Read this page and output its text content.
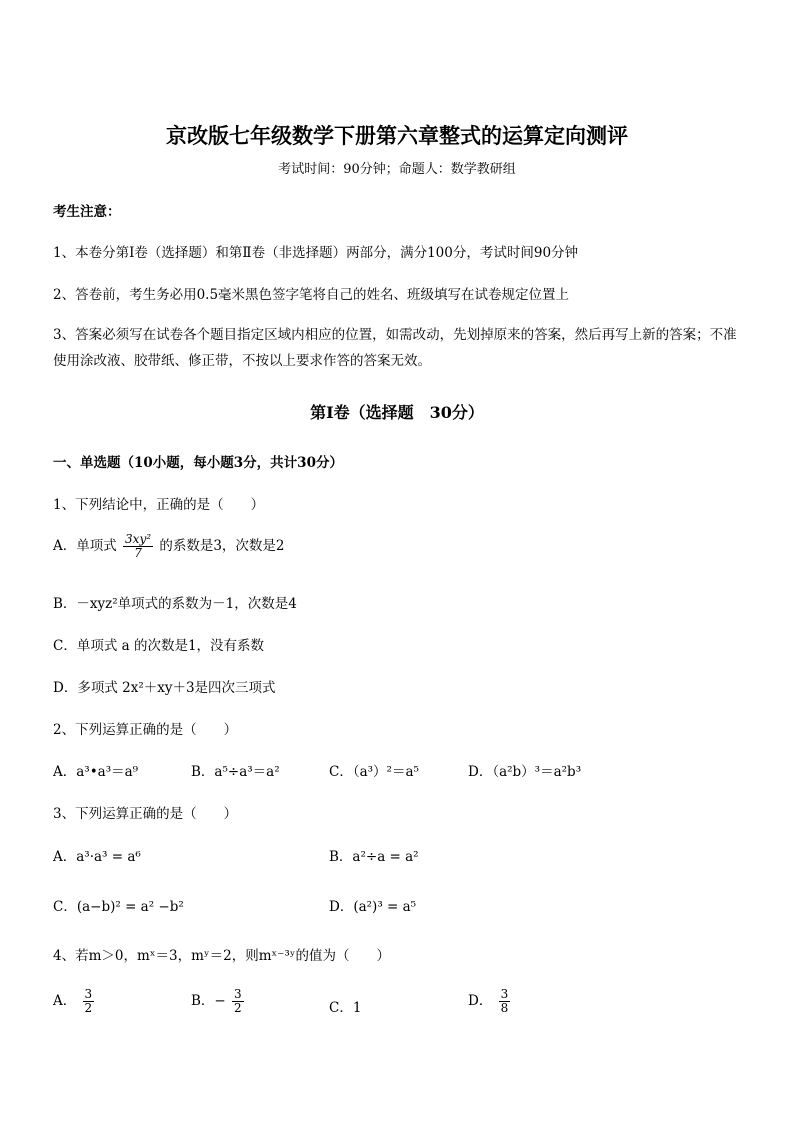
京改版七年级数学下册第六章整式的运算定向测评
考试时间：90分钟；命题人：数学教研组
考生注意：
1、本卷分第Ⅰ卷（选择题）和第Ⅱ卷（非选择题）两部分，满分100分，考试时间90分钟
2、答卷前，考生务必用0.5毫米黑色签字笔将自己的姓名、班级填写在试卷规定位置上
3、答案必须写在试卷各个题目指定区域内相应的位置，如需改动，先划掉原来的答案，然后再写上新的答案；不准使用涂改液、胶带纸、修正带，不按以上要求作答的答案无效。
第Ⅰ卷（选择题　30分）
一、单选题（10小题，每小题3分，共计30分）
1、下列结论中，正确的是（　　）
A．单项式 $\frac{\text{3xy²}}{7}$ 的系数是3，次数是2
B．－xyz²单项式的系数为－1，次数是4
C．单项式 a 的次数是1，没有系数
D．多项式 2x²＋xy＋3是四次三项式
2、下列运算正确的是（　　）
A．a³•a³＝a⁹	B．a⁵÷a³＝a²	C．（a³）²＝a⁵	D．（a²b）³＝a²b³
3、下列运算正确的是（　　）
A．a³·a³ = a⁶	B．a²÷a = a²
C．(a−b)² = a² −b²	D．(a²)³ = a⁵
4、若m＞0，mˣ＝3，mʸ＝2，则mˣ⁻³ʸ的值为（　　）
A． $\frac{3}{2}$	B．− $\frac{3}{2}$	C．1	D． $\frac{3}{8}$
